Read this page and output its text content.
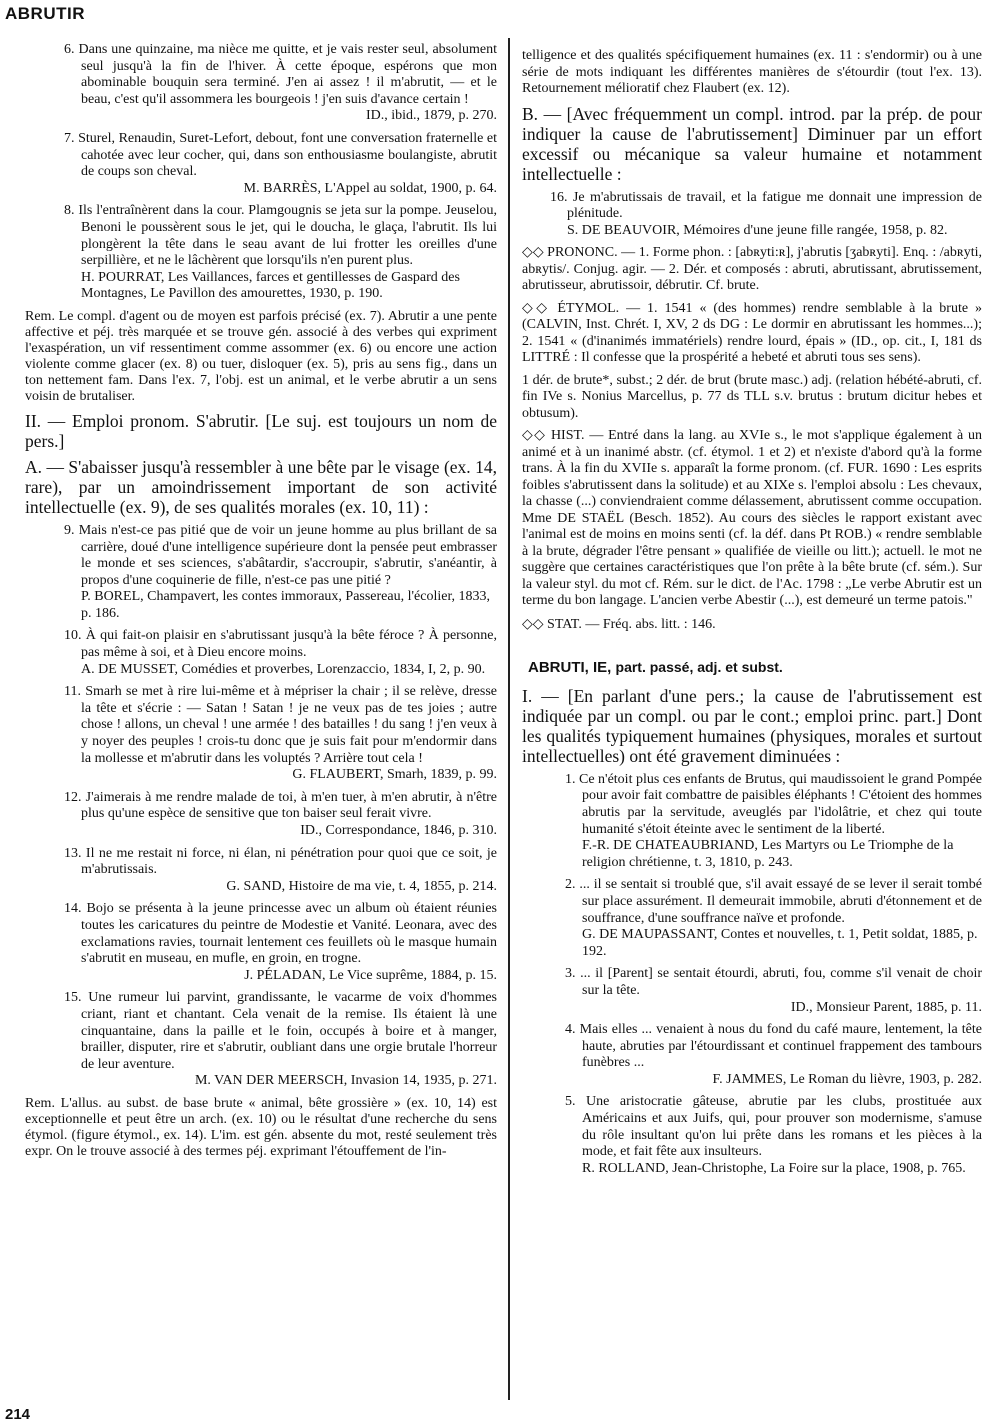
ABRUTIR
6. Dans une quinzaine, ma nièce me quitte, et je vais rester seul, absolument seul jusqu'à la fin de l'hiver. À cette époque, espérons que mon abominable bouquin sera terminé. J'en ai assez ! il m'abrutit, — et le beau, c'est qu'il assommera les bourgeois ! j'en suis d'avance certain !
ID., ibid., 1879, p. 270.
7. Sturel, Renaudin, Suret-Lefort, debout, font une conversation fraternelle et cahotée avec leur cocher, qui, dans son enthousiasme boulangiste, abrutit de coups son cheval.
M. BARRÈS, L'Appel au soldat, 1900, p. 64.
8. Ils l'entraînèrent dans la cour. Plamgougnis se jeta sur la pompe. Jeuselou, Benoni le poussèrent sous le jet, qui le doucha, le glaça, l'abrutit. Ils lui plongèrent la tête dans le seau avant de lui frotter les oreilles d'une serpillière, et ne le lâchèrent que lorsqu'ils n'en purent plus.
H. POURRAT, Les Vaillances, farces et gentillesses de Gaspard des Montagnes, Le Pavillon des amourettes, 1930, p. 190.
Rem. Le compl. d'agent ou de moyen est parfois précisé (ex. 7). Abrutir a une pente affective et péj. très marquée et se trouve gén. associé à des verbes qui expriment l'exaspération, un vif ressentiment comme assommer (ex. 6) ou encore une action violente comme glacer (ex. 8) ou tuer, disloquer (ex. 5), pris au sens fig., dans un ton nettement fam. Dans l'ex. 7, l'obj. est un animal, et le verbe abrutir a un sens voisin de brutaliser.
II. — Emploi pronom. S'abrutir. [Le suj. est toujours un nom de pers.]
A. — S'abaisser jusqu'à ressembler à une bête par le visage (ex. 14, rare), par un amoindrissement important de son activité intellectuelle (ex. 9), de ses qualités morales (ex. 10, 11) :
9. Mais n'est-ce pas pitié que de voir un jeune homme au plus brillant de sa carrière, doué d'une intelligence supérieure dont la pensée peut embrasser le monde et ses sciences, s'abâtardir, s'accroupir, s'abrutir, s'anéantir, à propos d'une coquinerie de fille, n'est-ce pas une pitié ?
P. BOREL, Champavert, les contes immoraux, Passereau, l'écolier, 1833, p. 186.
10. À qui fait-on plaisir en s'abrutissant jusqu'à la bête féroce ? À personne, pas même à soi, et à Dieu encore moins.
A. DE MUSSET, Comédies et proverbes, Lorenzaccio, 1834, I, 2, p. 90.
11. Smarh se met à rire lui-même et à mépriser la chair ; il se relève, dresse la tête et s'écrie : — Satan ! Satan ! je ne veux pas de tes joies ; autre chose ! allons, un cheval ! une armée ! des batailles ! du sang ! j'en veux à y noyer des peuples ! crois-tu donc que je suis fait pour m'endormir dans la mollesse et m'abrutir dans les voluptés ? Arrière tout cela !
G. FLAUBERT, Smarh, 1839, p. 99.
12. J'aimerais à me rendre malade de toi, à m'en tuer, à m'en abrutir, à n'être plus qu'une espèce de sensitive que ton baiser seul ferait vivre.
ID., Correspondance, 1846, p. 310.
13. Il ne me restait ni force, ni élan, ni pénétration pour quoi que ce soit, je m'abrutissais.
G. SAND, Histoire de ma vie, t. 4, 1855, p. 214.
14. Bojo se présenta à la jeune princesse avec un album où étaient réunies toutes les caricatures du peintre de Modestie et Vanité. Leonara, avec des exclamations ravies, tournait lentement ces feuillets où le masque humain s'abrutit en museau, en mufle, en groin, en trogne.
J. PÉLADAN, Le Vice suprême, 1884, p. 15.
15. Une rumeur lui parvint, grandissante, le vacarme de voix d'hommes criant, riant et chantant. Cela venait de la remise. Ils étaient là une cinquantaine, dans la paille et le foin, occupés à boire et à manger, brailler, disputer, rire et s'abrutir, oubliant dans une orgie brutale l'horreur de leur aventure.
M. VAN DER MEERSCH, Invasion 14, 1935, p. 271.
Rem. L'allus. au subst. de base brute « animal, bête grossière » (ex. 10, 14) est exceptionnelle et peut être un arch. (ex. 10) ou le résultat d'une recherche du sens étymol. (figure étymol., ex. 14). L'im. est gén. absente du mot, resté seulement très expr. On le trouve associé à des termes péj. exprimant l'étouffement de l'in-
telligence et des qualités spécifiquement humaines (ex. 11 : s'endormir) ou à une série de mots indiquant les différentes manières de s'étourdir (tout l'ex. 13). Retournement mélioratif chez Flaubert (ex. 12).
B. — [Avec fréquemment un compl. introd. par la prép. de pour indiquer la cause de l'abrutissement] Diminuer par un effort excessif ou mécanique sa valeur humaine et notamment intellectuelle :
16. Je m'abrutissais de travail, et la fatigue me donnait une impression de plénitude.
S. DE BEAUVOIR, Mémoires d'une jeune fille rangée, 1958, p. 82.
◇◇ PRONONC. — 1. Forme phon. : [abʀyti:ʀ], j'abrutis [ʒabʀyti]. Enq. : /abʀyti, abʀytis/. Conjug. agir. — 2. Dér. et composés : abruti, abrutissant, abrutissement, abrutisseur, abrutissoir, débrutir. Cf. brute.
◇◇ ÉTYMOL. — 1. 1541 « (des hommes) rendre semblable à la brute » (CALVIN, Inst. Chrét. I, XV, 2 ds DG : Le dormir en abrutissant les hommes...); 2. 1541 « (d'inanimés immatériels) rendre lourd, épais » (ID., op. cit., I, 181 ds LITTRÉ : Il confesse que la prospérité a hebeté et abruti tous ses sens).
1 dér. de brute*, subst.; 2 dér. de brut (brute masc.) adj. (relation hébété-abruti, cf. fin IVe s. Nonius Marcellus, p. 77 ds TLL s.v. brutus : brutum dicitur hebes et obtusum).
◇◇ HIST. — Entré dans la lang. au XVIe s., le mot s'applique également à un animé et à un inanimé abstr. (cf. étymol. 1 et 2) et n'existe d'abord qu'à la forme trans. À la fin du XVIIe s. apparaît la forme pronom. (cf. FUR. 1690 : Les esprits foibles s'abrutissent dans la solitude) et au XIXe s. l'emploi absolu : Les chevaux, la chasse (...) conviendraient comme délassement, abrutissent comme occupation. Mme DE STAËL (Besch. 1852). Au cours des siècles le rapport existant avec l'animal est de moins en moins senti (cf. la déf. dans Pt ROB.) « rendre semblable à la brute, dégrader l'être pensant » qualifiée de vieille ou litt.); actuell. le mot ne suggère que certaines caractéristiques que l'on prête à la bête brute (cf. sém.). Sur la valeur styl. du mot cf. Rém. sur le dict. de l'Ac. 1798 : „Le verbe Abrutir est un terme du bon langage. L'ancien verbe Abestir (...), est demeuré un terme patois."
◇◇ STAT. — Fréq. abs. litt. : 146.
ABRUTI, IE, part. passé, adj. et subst.
I. — [En parlant d'une pers.; la cause de l'abrutissement est indiquée par un compl. ou par le cont.; emploi princ. part.] Dont les qualités typiquement humaines (physiques, morales et surtout intellectuelles) ont été gravement diminuées :
1. Ce n'étoit plus ces enfants de Brutus, qui maudissoient le grand Pompée pour avoir fait combattre de paisibles éléphants ! C'étoient des hommes abrutis par la servitude, aveuglés par l'idolâtrie, et chez qui toute humanité s'étoit éteinte avec le sentiment de la liberté.
F.-R. DE CHATEAUBRIAND, Les Martyrs ou Le Triomphe de la religion chrétienne, t. 3, 1810, p. 243.
2. ... il se sentait si troublé que, s'il avait essayé de se lever il serait tombé sur place assurément. Il demeurait immobile, abruti d'étonnement et de souffrance, d'une souffrance naïve et profonde.
G. DE MAUPASSANT, Contes et nouvelles, t. 1, Petit soldat, 1885, p. 192.
3. ... il [Parent] se sentait étourdi, abruti, fou, comme s'il venait de choir sur la tête.
ID., Monsieur Parent, 1885, p. 11.
4. Mais elles ... venaient à nous du fond du café maure, lentement, la tête haute, abruties par l'étourdissant et continuel frappement des tambours funèbres ...
F. JAMMES, Le Roman du lièvre, 1903, p. 282.
5. Une aristocratie gâteuse, abrutie par les clubs, prostituée aux Américains et aux Juifs, qui, pour prouver son modernisme, s'amuse du rôle insultant qu'on lui prête dans les romans et les pièces à la mode, et fait fête aux insulteurs.
R. ROLLAND, Jean-Christophe, La Foire sur la place, 1908, p. 765.
214
